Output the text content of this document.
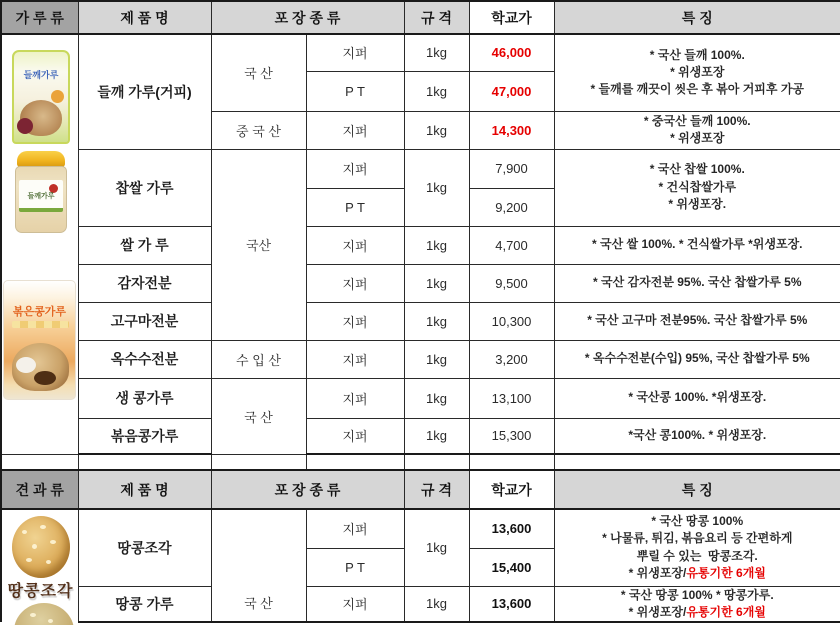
가 루 류	제 품 명	포 장 종 류		규 격	학교가	특 징

들깨가루

들깨가루

볶은콩가루

	들깨 가루(거피)	국 산	지퍼	1kg	46,000	* 국산 들깨 100%.
* 위생포장
* 들깨를 깨끗이 씻은 후 볶아 거피후 가공

			P T	1kg	47,000	
		중 국 산	지퍼	1kg	14,300	* 중국산 들깨 100%.
* 위생포장

	찹쌀 가루	국산	지퍼	1kg	7,900	* 국산 찹쌀 100%.
* 건식찹쌀가루
* 위생포장.

			P T		9,200	
	쌀 가 루		지퍼	1kg	4,700	* 국산 쌀 100%. * 건식쌀가루 *위생포장.

	감자전분		지퍼	1kg	9,500	* 국산 감자전분 95%. 국산 찹쌀가루 5%

	고구마전분		지퍼	1kg	10,300	* 국산 고구마 전분95%. 국산 찹쌀가루 5%

	옥수수전분	수 입 산	지퍼	1kg	3,200	* 옥수수전분(수입) 95%, 국산 찹쌀가루 5%

	생 콩가루	국 산	지퍼	1kg	13,100	* 국산콩 100%. *위생포장.

	볶음콩가루		지퍼	1kg	15,300	*국산 콩100%. * 위생포장.

견 과 류	제 품 명	포 장 종 류		규 격	학교가	특 징

땅콩조각	땅콩조각	국 산	지퍼	1kg	13,600	* 국산 땅콩 100%
* 나물류, 튀김, 볶음요리 등 간편하게
뿌릴 수 있는  땅콩조각.
* 위생포장/유통기한 6개월

			P T		15,400	
	땅콩 가루		지퍼	1kg	13,600	* 국산 땅콩 100% * 땅콩가루.
* 위생포장/유통기한 6개월
